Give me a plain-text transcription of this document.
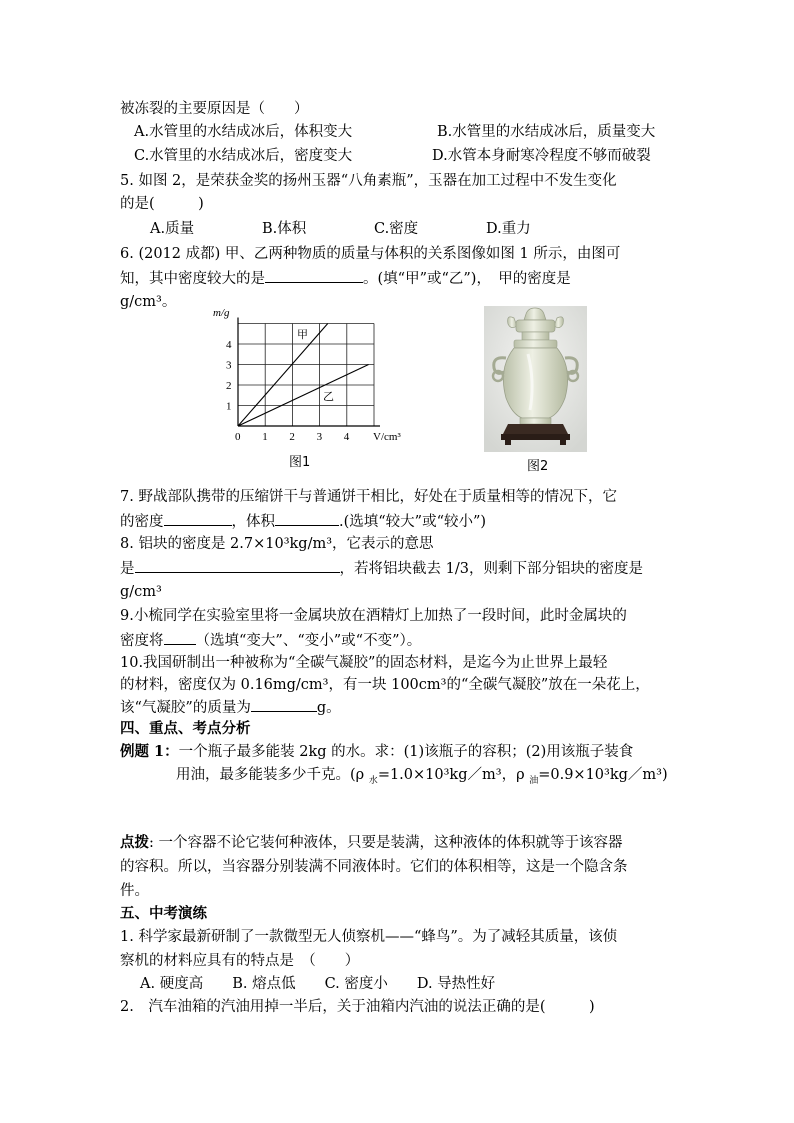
被冻裂的主要原因是（　　）
A.水管里的水结成冰后，体积变大	B.水管里的水结成冰后，质量变大
C.水管里的水结成冰后，密度变大	D.水管本身耐寒冷程度不够而破裂
5. 如图 2，是荣获金奖的扬州玉器“八角素瓶”，玉器在加工过程中不发生变化
的是(　　　)
A.质量	B.体积	C.密度	D.重力
6. (2012 成都) 甲、乙两种物质的质量与体积的关系图像如图 1 所示，由图可
知，其中密度较大的是	。(填“甲”或“乙”)，　甲的密度是
g/cm³。
0 1 2 3 4
1
2
3
4
m/g
V/cm³
甲
乙
图1	图2
7. 野战部队携带的压缩饼干与普通饼干相比，好处在于质量相等的情况下，它
的密度	，体积	.(选填“较大”或“较小”)
8. 铝块的密度是 2.7×10³kg/m³，它表示的意思
是	，若将铝块截去 1/3，则剩下部分铝块的密度是
g/cm³
9.小梳同学在实验室里将一金属块放在酒精灯上加热了一段时间，此时金属块的
密度将 （选填“变大”、“变小”或“不变”）。
10.我国研制出一种被称为“全碳气凝胶”的固态材料，是迄今为止世界上最轻
的材料，密度仅为 0.16mg/cm³，有一块 100cm³的“全碳气凝胶”放在一朵花上，
该“气凝胶”的质量为	g。
四、重点、考点分析
例题 1：一个瓶子最多能装 2kg 的水。求：(1)该瓶子的容积；(2)用该瓶子装食
用油，最多能装多少千克。(ρ $_水$=1.0×10³kg／m³，ρ $_油$=0.9×10³kg／m³)
点拨: 一个容器不论它装何种液体，只要是装满，这种液体的体积就等于该容器
的容积。所以，当容器分别装满不同液体时。它们的体积相等，这是一个隐含条
件。
五、中考演练
1. 科学家最新研制了一款微型无人侦察机——“蜂鸟”。为了减轻其质量，该侦
察机的材料应具有的特点是　（　　）
A. 硬度高　　B. 熔点低　　C. 密度小　　D. 导热性好
2.　汽车油箱的汽油用掉一半后，关于油箱内汽油的说法正确的是(　　　)
